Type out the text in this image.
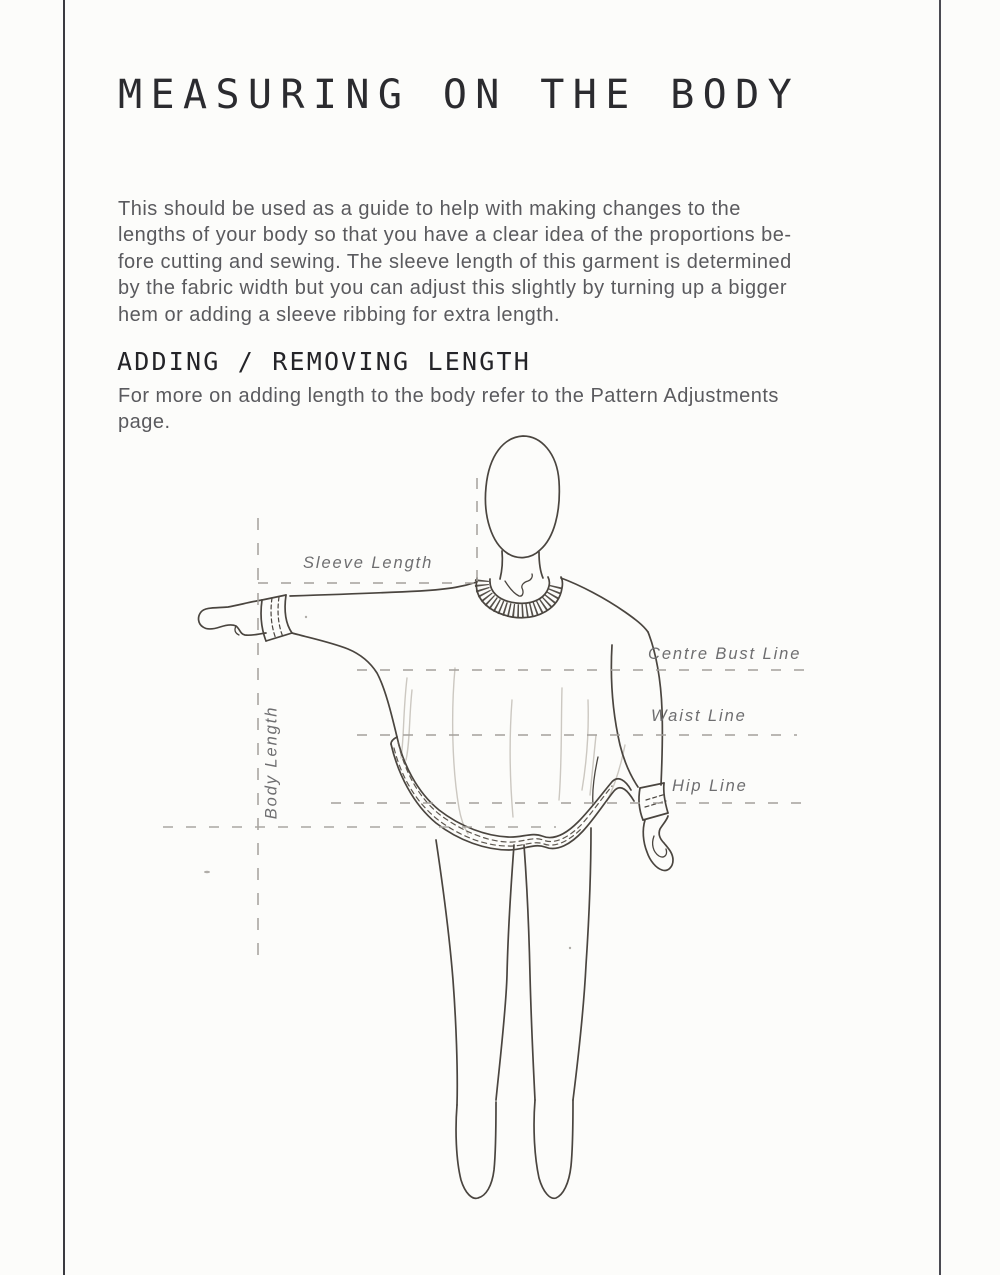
MEASURING ON THE BODY
This should be used as a guide to help with making changes to the
lengths of your body so that you have a clear idea of the proportions be-
fore cutting and sewing. The sleeve length of this garment is determined
by the fabric width but you can adjust this slightly by turning up a bigger
hem or adding a sleeve ribbing for extra length.
ADDING / REMOVING LENGTH
For more on adding length to the body refer to the Pattern Adjustments
page.
Sleeve Length
Centre Bust Line
Waist Line
Hip Line
Body Length
